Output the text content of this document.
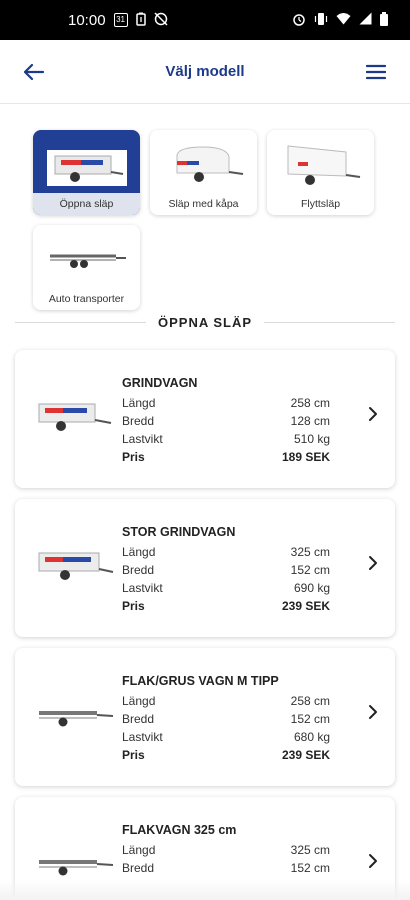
10:00	31
Välj modell
Öppna släp	Släp med kåpa	Flyttsläp
Auto transporter
ÖPPNA SLÄP
GRINDVAGN
Längd	258 cm
Bredd	128 cm
Lastvikt	510 kg
Pris	189 SEK
STOR GRINDVAGN
Längd	325 cm
Bredd	152 cm
Lastvikt	690 kg
Pris	239 SEK
FLAK/GRUS VAGN M TIPP
Längd	258 cm
Bredd	152 cm
Lastvikt	680 kg
Pris	239 SEK
FLAKVAGN 325 cm
Längd	325 cm
Bredd	152 cm
